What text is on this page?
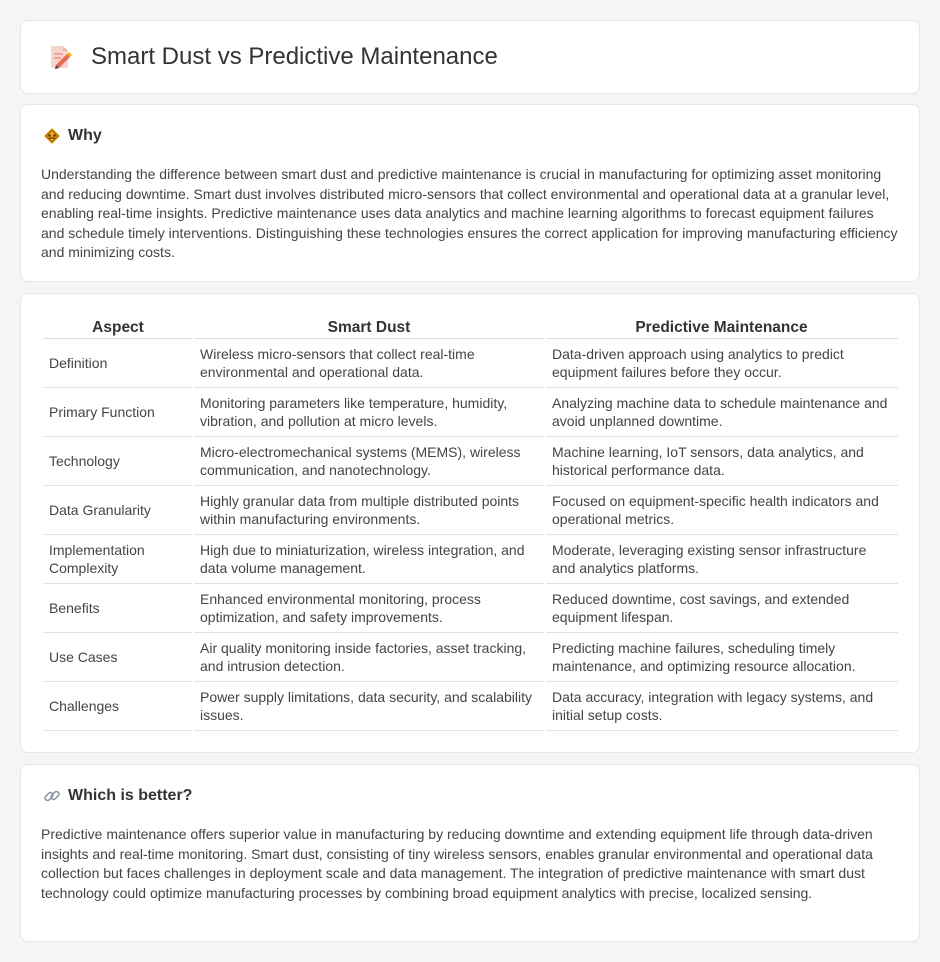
Smart Dust vs Predictive Maintenance
Why

Understanding the difference between smart dust and predictive maintenance is crucial in manufacturing for optimizing asset monitoring and reducing downtime. Smart dust involves distributed micro-sensors that collect environmental and operational data at a granular level, enabling real-time insights. Predictive maintenance uses data analytics and machine learning algorithms to forecast equipment failures and schedule timely interventions. Distinguishing these technologies ensures the correct application for improving manufacturing efficiency and minimizing costs.

Aspect	Smart Dust	Predictive Maintenance
Definition	Wireless micro-sensors that collect real-time environmental and operational data.	Data-driven approach using analytics to predict equipment failures before they occur.
Primary Function	Monitoring parameters like temperature, humidity, vibration, and pollution at micro levels.	Analyzing machine data to schedule maintenance and avoid unplanned downtime.
Technology	Micro-electromechanical systems (MEMS), wireless communication, and nanotechnology.	Machine learning, IoT sensors, data analytics, and historical performance data.
Data Granularity	Highly granular data from multiple distributed points within manufacturing environments.	Focused on equipment-specific health indicators and operational metrics.
Implementation Complexity	High due to miniaturization, wireless integration, and data volume management.	Moderate, leveraging existing sensor infrastructure and analytics platforms.
Benefits	Enhanced environmental monitoring, process optimization, and safety improvements.	Reduced downtime, cost savings, and extended equipment lifespan.
Use Cases	Air quality monitoring inside factories, asset tracking, and intrusion detection.	Predicting machine failures, scheduling timely maintenance, and optimizing resource allocation.
Challenges	Power supply limitations, data security, and scalability issues.	Data accuracy, integration with legacy systems, and initial setup costs.
Which is better?

Predictive maintenance offers superior value in manufacturing by reducing downtime and extending equipment life through data-driven insights and real-time monitoring. Smart dust, consisting of tiny wireless sensors, enables granular environmental and operational data collection but faces challenges in deployment scale and data management. The integration of predictive maintenance with smart dust technology could optimize manufacturing processes by combining broad equipment analytics with precise, localized sensing.
